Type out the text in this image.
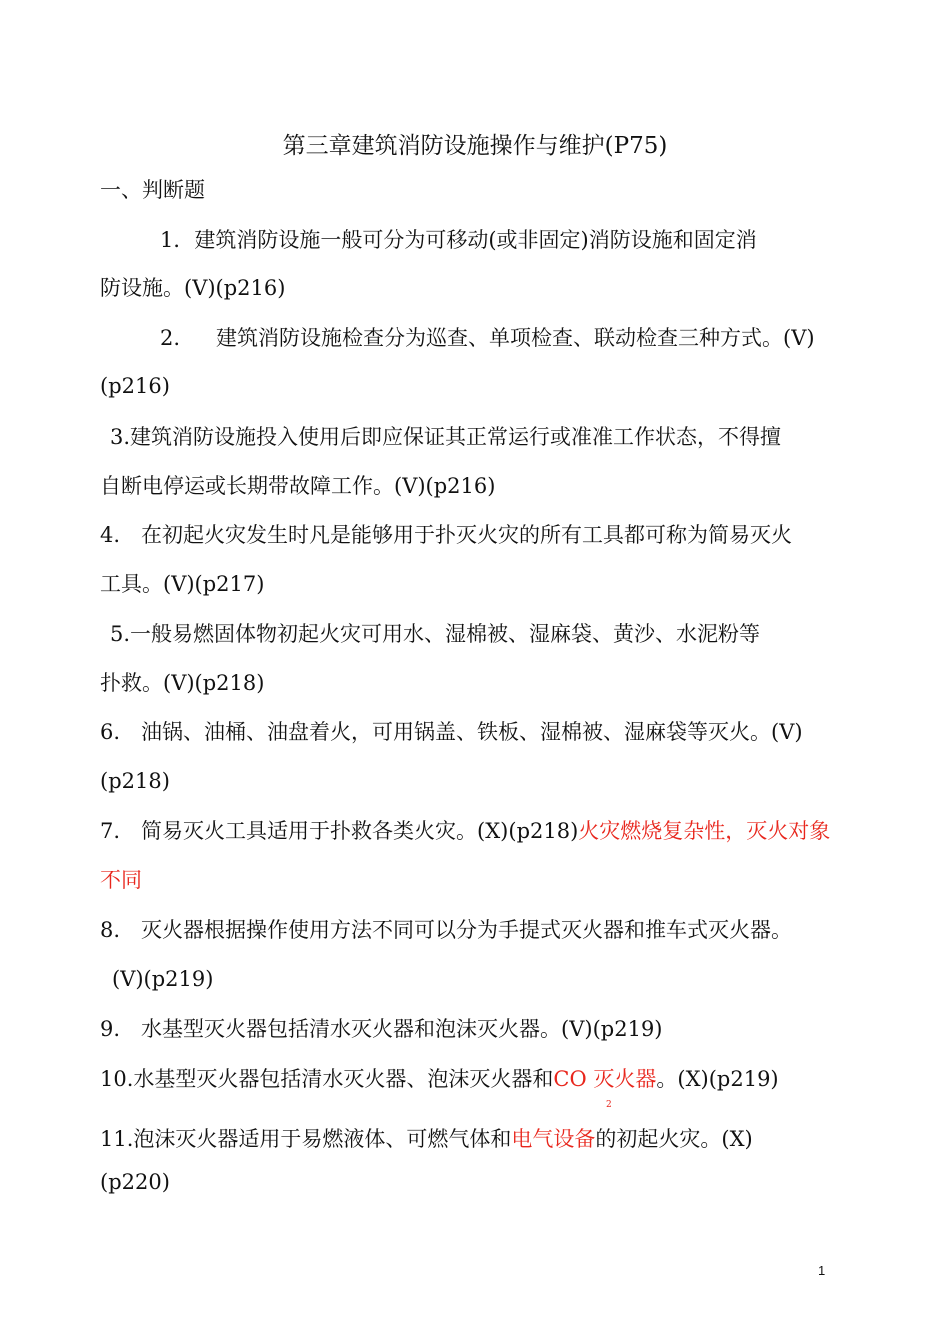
第三章建筑消防设施操作与维护(P75)
一、判断题
1．建筑消防设施一般可分为可移动(或非固定)消防设施和固定消
防设施。(V)(p216)
2. 建筑消防设施检查分为巡查、单项检查、联动检查三种方式。(V)
(p216)
3.建筑消防设施投入使用后即应保证其正常运行或准准工作状态，不得擅
自断电停运或长期带故障工作。(V)(p216)
4.　在初起火灾发生时凡是能够用于扑灭火灾的所有工具都可称为简易灭火
工具。(V)(p217)
5.一般易燃固体物初起火灾可用水、湿棉被、湿麻袋、黄沙、水泥粉等
扑救。(V)(p218)
6.　油锅、油桶、油盘着火，可用锅盖、铁板、湿棉被、湿麻袋等灭火。(V)
(p218)
7.　简易灭火工具适用于扑救各类火灾。(X)(p218)火灾燃烧复杂性，灭火对象
不同
8.　灭火器根据操作使用方法不同可以分为手提式灭火器和推车式灭火器。
(V)(p219)
9.　水基型灭火器包括清水灭火器和泡沫灭火器。(V)(p219)
10.水基型灭火器包括清水灭火器、泡沫灭火器和CO 灭火器。(X)(p219)
2
11.泡沫灭火器适用于易燃液体、可燃气体和电气设备的初起火灾。(X)
(p220)
1
